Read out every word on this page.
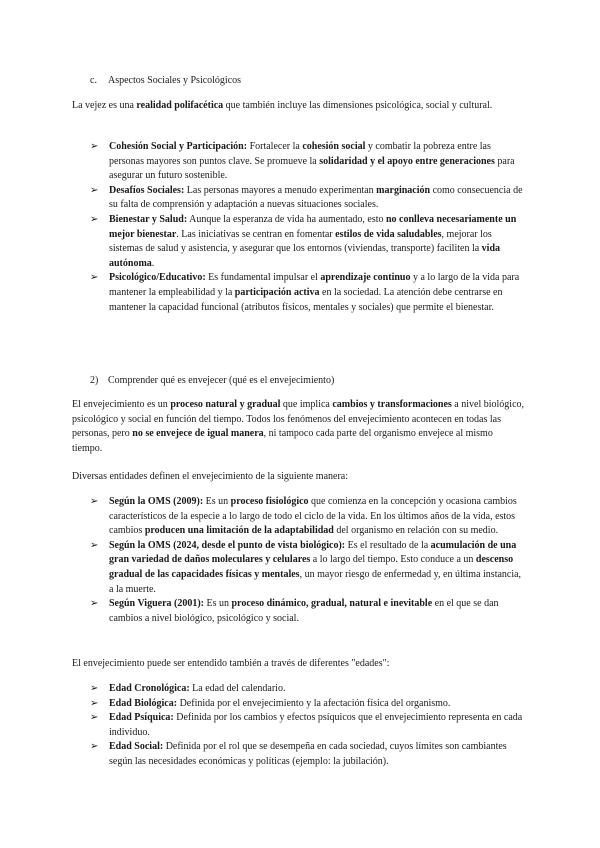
c. Aspectos Sociales y Psicológicos
La vejez es una realidad polifacética que también incluye las dimensiones psicológica, social y cultural.
➢	Cohesión Social y Participación: Fortalecer la cohesión social y combatir la pobreza entre las personas mayores son puntos clave. Se promueve la solidaridad y el apoyo entre generaciones para asegurar un futuro sostenible.
➢	Desafíos Sociales: Las personas mayores a menudo experimentan marginación como consecuencia de su falta de comprensión y adaptación a nuevas situaciones sociales.
➢	Bienestar y Salud: Aunque la esperanza de vida ha aumentado, esto no conlleva necesariamente un mejor bienestar. Las iniciativas se centran en fomentar estilos de vida saludables, mejorar los sistemas de salud y asistencia, y asegurar que los entornos (viviendas, transporte) faciliten la vida autónoma.
➢	Psicológico/Educativo: Es fundamental impulsar el aprendizaje continuo y a lo largo de la vida para mantener la empleabilidad y la participación activa en la sociedad. La atención debe centrarse en mantener la capacidad funcional (atributos físicos, mentales y sociales) que permite el bienestar.
2) Comprender qué es envejecer (qué es el envejecimiento)
El envejecimiento es un proceso natural y gradual que implica cambios y transformaciones a nivel biológico, psicológico y social en función del tiempo. Todos los fenómenos del envejecimiento acontecen en todas las personas, pero no se envejece de igual manera, ni tampoco cada parte del organismo envejece al mismo tiempo.
Diversas entidades definen el envejecimiento de la siguiente manera:
➢	Según la OMS (2009): Es un proceso fisiológico que comienza en la concepción y ocasiona cambios característicos de la especie a lo largo de todo el ciclo de la vida. En los últimos años de la vida, estos cambios producen una limitación de la adaptabilidad del organismo en relación con su medio.
➢	Según la OMS (2024, desde el punto de vista biológico): Es el resultado de la acumulación de una gran variedad de daños moleculares y celulares a lo largo del tiempo. Esto conduce a un descenso gradual de las capacidades físicas y mentales, un mayor riesgo de enfermedad y, en última instancia, a la muerte.
➢	Según Viguera (2001): Es un proceso dinámico, gradual, natural e inevitable en el que se dan cambios a nivel biológico, psicológico y social.
El envejecimiento puede ser entendido también a través de diferentes "edades":
➢	Edad Cronológica: La edad del calendario.
➢	Edad Biológica: Definida por el envejecimiento y la afectación física del organismo.
➢	Edad Psíquica: Definida por los cambios y efectos psíquicos que el envejecimiento representa en cada individuo.
➢	Edad Social: Definida por el rol que se desempeña en cada sociedad, cuyos límites son cambiantes según las necesidades económicas y políticas (ejemplo: la jubilación).
